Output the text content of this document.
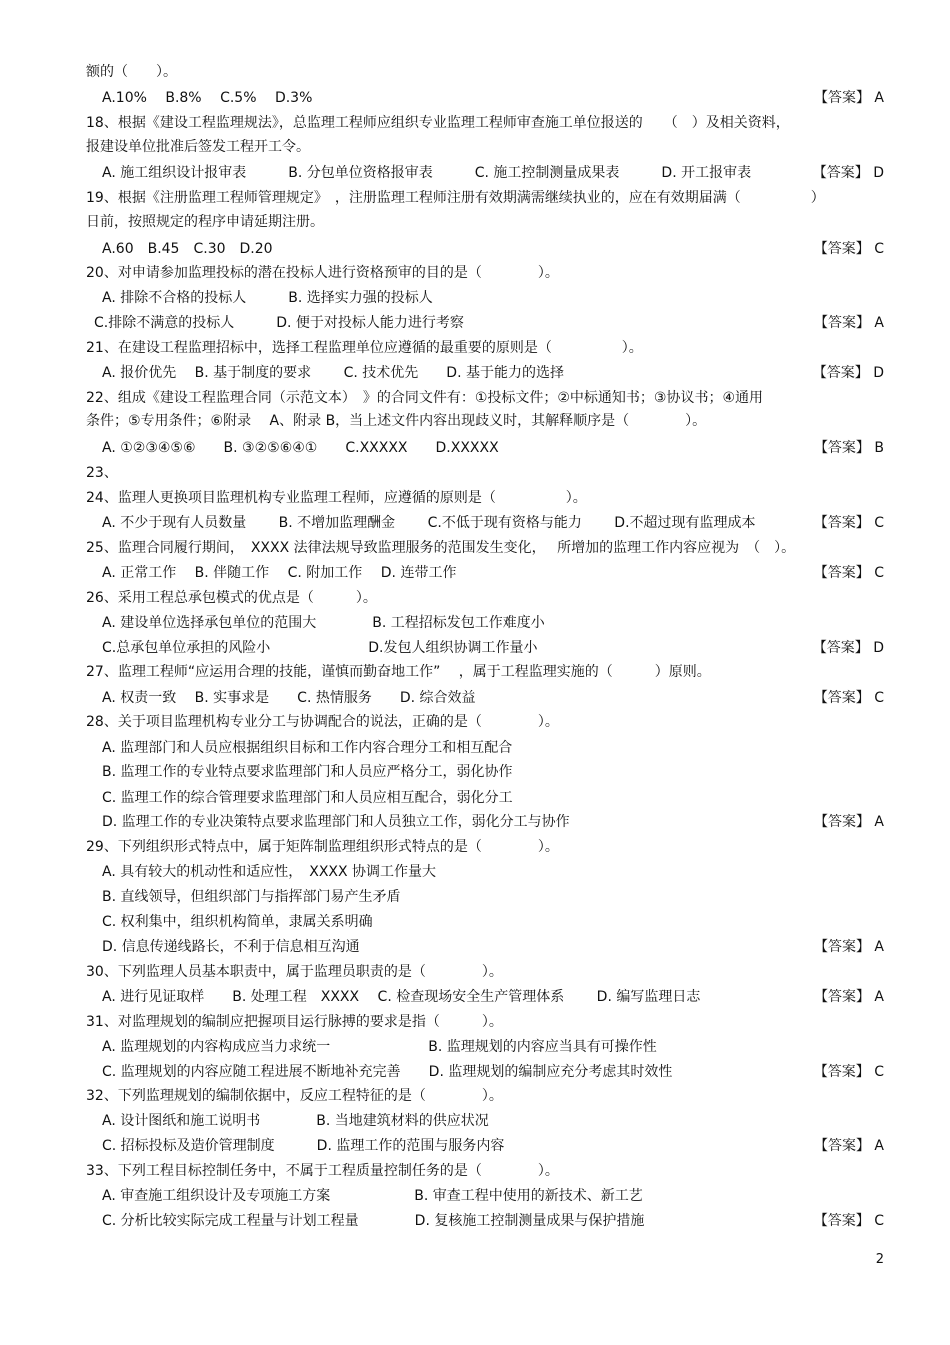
额的（　　）。
A.10%　 B.8%　 C.5%　 D.3%	【答案】 A
18、根据《建设工程监理规法》，总监理工程师应组织专业监理工程师审查施工单位报送的　　（　）及相关资料，
报建设单位批准后签发工程开工令。
A. 施工组织设计报审表　　　B. 分包单位资格报审表　　　C. 施工控制测量成果表　　　D. 开工报审表	【答案】 D
19、根据《注册监理工程师管理规定》　，注册监理工程师注册有效期满需继续执业的，应在有效期届满（　　　　　）
日前，按照规定的程序申请延期注册。
A.60　B.45　C.30　D.20	【答案】 C
20、对申请参加监理投标的潜在投标人进行资格预审的目的是（　　　　）。
A. 排除不合格的投标人　　　B. 选择实力强的投标人
C.排除不满意的投标人　　　D. 便于对投标人能力进行考察	【答案】 A
21、在建设工程监理招标中，选择工程监理单位应遵循的最重要的原则是（　　　　　）。
A. 报价优先　 B. 基于制度的要求　　 C. 技术优先　　D. 基于能力的选择	【答案】 D
22、组成《建设工程监理合同（示范文本）　》的合同文件有：①投标文件；②中标通知书；③协议书；④通用
条件；⑤专用条件；⑥附录　 A、附录 B，当上述文件内容出现歧义时，其解释顺序是（　　　　）。
A. ①②③④⑤⑥　　B. ③②⑤⑥④①　　C.XXXXX　　D.XXXXX	【答案】 B
23、
24、监理人更换项目监理机构专业监理工程师，应遵循的原则是（　　　　　）。
A. 不少于现有人员数量　　 B. 不增加监理酬金　　 C.不低于现有资格与能力　　 D.不超过现有监理成本	【答案】 C
25、监理合同履行期间，　XXXX 法律法规导致监理服务的范围发生变化，　 所增加的监理工作内容应视为　（　）。
A. 正常工作　 B. 伴随工作　 C. 附加工作　 D. 连带工作	【答案】 C
26、采用工程总承包模式的优点是（　　　）。
A. 建设单位选择承包单位的范围大　　　　B. 工程招标发包工作难度小
C.总承包单位承担的风险小　　　　　　　D.发包人组织协调工作量小	【答案】 D
27、监理工程师“应运用合理的技能，谨慎而勤奋地工作”　 ，属于工程监理实施的（　　　）原则。
A. 权责一致　 B. 实事求是　　C. 热情服务　　D. 综合效益	【答案】 C
28、关于项目监理机构专业分工与协调配合的说法，正确的是（　　　　）。
A. 监理部门和人员应根据组织目标和工作内容合理分工和相互配合
B. 监理工作的专业特点要求监理部门和人员应严格分工，弱化协作
C. 监理工作的综合管理要求监理部门和人员应相互配合，弱化分工
D. 监理工作的专业决策特点要求监理部门和人员独立工作，弱化分工与协作	【答案】 A
29、下列组织形式特点中，属于矩阵制监理组织形式特点的是（　　　　）。
A. 具有较大的机动性和适应性，　XXXX 协调工作量大
B. 直线领导，但组织部门与指挥部门易产生矛盾
C. 权利集中，组织机构简单，隶属关系明确
D. 信息传递线路长，不利于信息相互沟通	【答案】 A
30、下列监理人员基本职责中，属于监理员职责的是（　　　　）。
A. 进行见证取样　　B. 处理工程　XXXX　 C. 检查现场安全生产管理体系　　 D. 编写监理日志	【答案】 A
31、对监理规划的编制应把握项目运行脉搏的要求是指（　　　）。
A. 监理规划的内容构成应当力求统一　　　　　　　B. 监理规划的内容应当具有可操作性
C. 监理规划的内容应随工程进展不断地补充完善　　D. 监理规划的编制应充分考虑其时效性	【答案】 C
32、下列监理规划的编制依据中，反应工程特征的是（　　　　）。
A. 设计图纸和施工说明书　　　　B. 当地建筑材料的供应状况
C. 招标投标及造价管理制度　　　D. 监理工作的范围与服务内容	【答案】 A
33、下列工程目标控制任务中，不属于工程质量控制任务的是（　　　　）。
A. 审查施工组织设计及专项施工方案　　　　　　B. 审查工程中使用的新技术、新工艺
C. 分析比较实际完成工程量与计划工程量　　　　D. 复核施工控制测量成果与保护措施	【答案】 C
2
